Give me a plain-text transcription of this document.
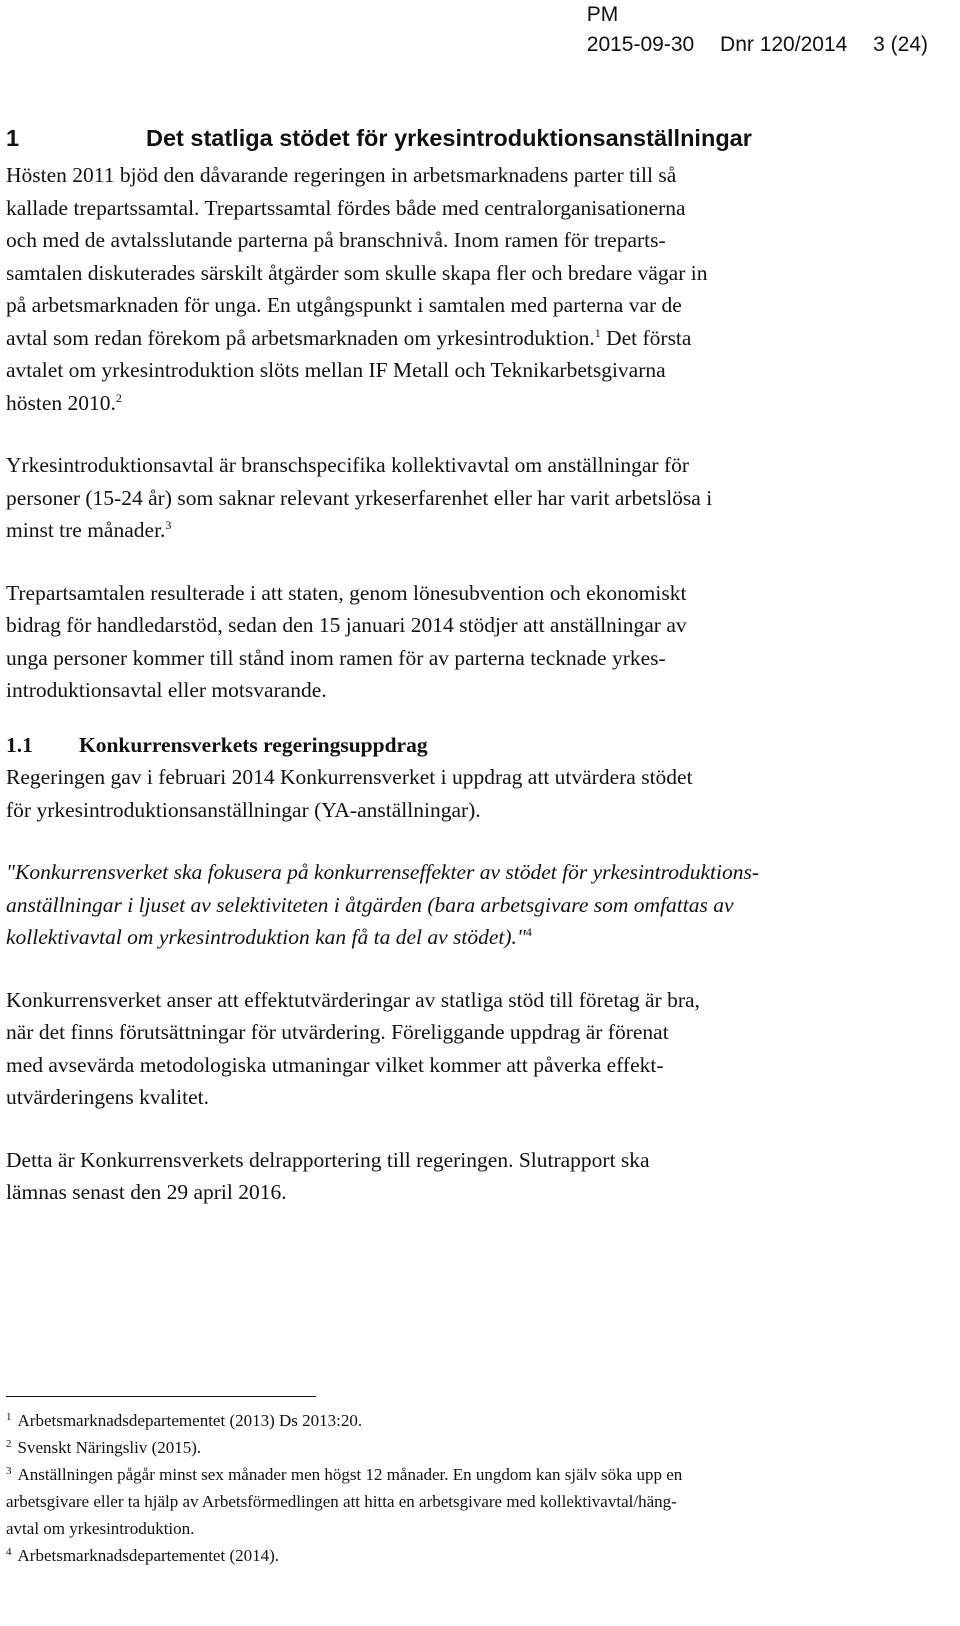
PM
2015-09-30 Dnr 120/2014 3 (24)
1	Det statliga stödet för yrkesintroduktionsanställningar

Hösten 2011 bjöd den dåvarande regeringen in arbetsmarknadens parter till så
kallade trepartssamtal. Trepartssamtal fördes både med centralorganisationerna
och med de avtalsslutande parterna på branschnivå. Inom ramen för treparts-
samtalen diskuterades särskilt åtgärder som skulle skapa fler och bredare vägar in
på arbetsmarknaden för unga. En utgångspunkt i samtalen med parterna var de
avtal som redan förekom på arbetsmarknaden om yrkesintroduktion.$^1$ Det första
avtalet om yrkesintroduktion slöts mellan IF Metall och Teknikarbetsgivarna
hösten 2010.$^2$

Yrkesintroduktionsavtal är branschspecifika kollektivavtal om anställningar för
personer (15-24 år) som saknar relevant yrkeserfarenhet eller har varit arbetslösa i
minst tre månader.$^3$

Trepartsamtalen resulterade i att staten, genom lönesubvention och ekonomiskt
bidrag för handledarstöd, sedan den 15 januari 2014 stödjer att anställningar av
unga personer kommer till stånd inom ramen för av parterna tecknade yrkes-
introduktionsavtal eller motsvarande.

1.1 Konkurrensverkets regeringsuppdrag

Regeringen gav i februari 2014 Konkurrensverket i uppdrag att utvärdera stödet
för yrkesintroduktionsanställningar (YA-anställningar).

"Konkurrensverket ska fokusera på konkurrenseffekter av stödet för yrkesintroduktions-
anställningar i ljuset av selektiviteten i åtgärden (bara arbetsgivare som omfattas av
kollektivavtal om yrkesintroduktion kan få ta del av stödet)."$^4$

Konkurrensverket anser att effektutvärderingar av statliga stöd till företag är bra,
när det finns förutsättningar för utvärdering. Föreliggande uppdrag är förenat
med avsevärda metodologiska utmaningar vilket kommer att påverka effekt-
utvärderingens kvalitet.

Detta är Konkurrensverkets delrapportering till regeringen. Slutrapport ska
lämnas senast den 29 april 2016.

$^1$ Arbetsmarknadsdepartementet (2013) Ds 2013:20.
$^2$ Svenskt Näringsliv (2015).
$^3$ Anställningen pågår minst sex månader men högst 12 månader. En ungdom kan själv söka upp en
arbetsgivare eller ta hjälp av Arbetsförmedlingen att hitta en arbetsgivare med kollektivavtal/häng-
avtal om yrkesintroduktion.
$^4$ Arbetsmarknadsdepartementet (2014).
